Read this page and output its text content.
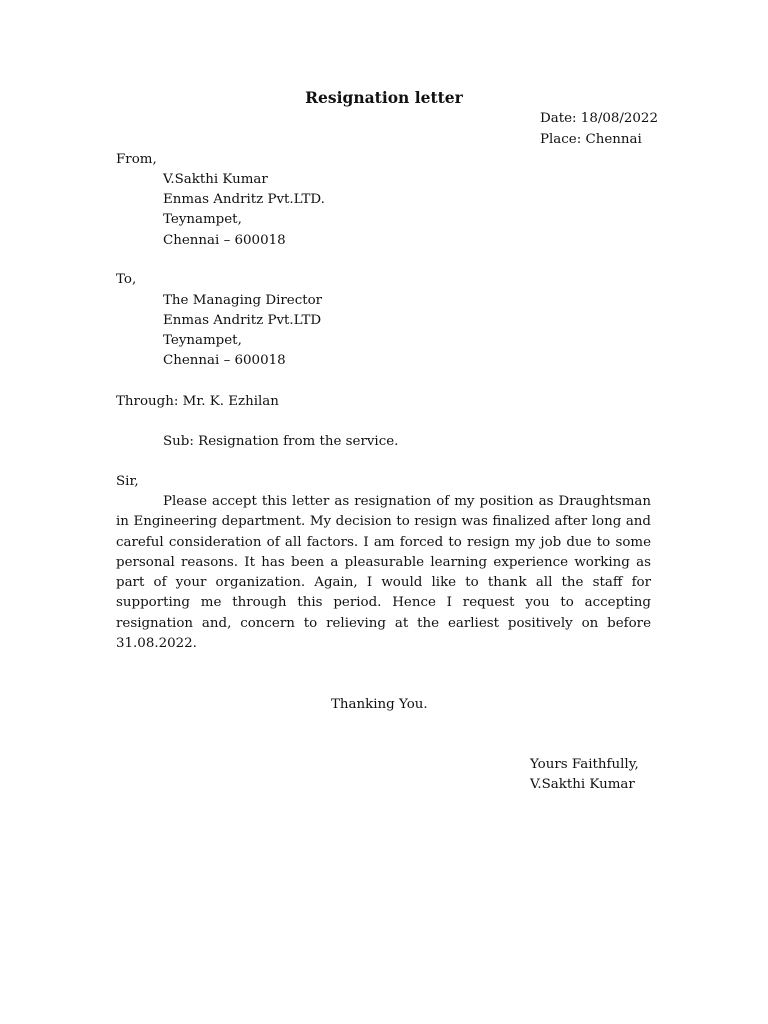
Resignation letter
Date: 18/08/2022
Place: Chennai
From,
V.Sakthi Kumar
Enmas Andritz Pvt.LTD.
Teynampet,
Chennai – 600018
To,
The Managing Director
Enmas Andritz Pvt.LTD
Teynampet,
Chennai – 600018
Through: Mr. K. Ezhilan
Sub: Resignation from the service.
Sir,
Please accept this letter as resignation of my position as Draughtsman in Engineering department. My decision to resign was finalized after long and careful consideration of all factors. I am forced to resign my job due to some personal reasons. It has been a pleasurable learning experience working as part of your organization. Again, I would like to thank all the staff for supporting me through this period. Hence I request you to accepting resignation and, concern to relieving at the earliest positively on before 31.08.2022.
Thanking You.
Yours Faithfully,
V.Sakthi Kumar
